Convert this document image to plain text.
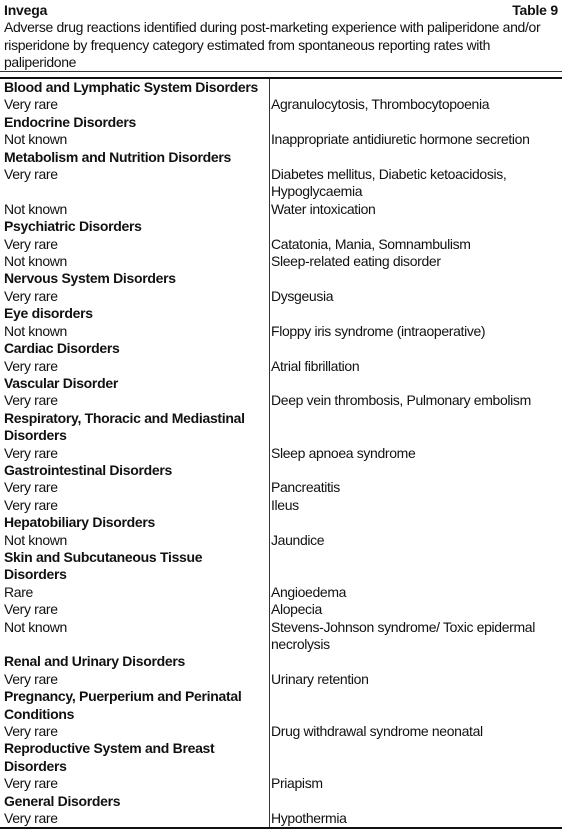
Invega	Table 9
Adverse drug reactions identified during post-marketing experience with paliperidone and/or risperidone by frequency category estimated from spontaneous reporting rates with paliperidone
Blood and Lymphatic System Disorders
Very rare	Agranulocytosis, Thrombocytopoenia
Endocrine Disorders
Not known	Inappropriate antidiuretic hormone secretion
Metabolism and Nutrition Disorders
Very rare	Diabetes mellitus, Diabetic ketoacidosis, Hypoglycaemia
Not known	Water intoxication
Psychiatric Disorders
Very rare	Catatonia, Mania, Somnambulism
Not known	Sleep-related eating disorder
Nervous System Disorders
Very rare	Dysgeusia
Eye disorders
Not known	Floppy iris syndrome (intraoperative)
Cardiac Disorders
Very rare	Atrial fibrillation
Vascular Disorder
Very rare	Deep vein thrombosis, Pulmonary embolism
Respiratory, Thoracic and Mediastinal Disorders
Very rare	Sleep apnoea syndrome
Gastrointestinal Disorders
Very rare	Pancreatitis
Very rare	Ileus
Hepatobiliary Disorders
Not known	Jaundice
Skin and Subcutaneous Tissue Disorders
Rare	Angioedema
Very rare	Alopecia
Not known	Stevens-Johnson syndrome/ Toxic epidermal necrolysis
Renal and Urinary Disorders
Very rare	Urinary retention
Pregnancy, Puerperium and Perinatal Conditions
Very rare	Drug withdrawal syndrome neonatal
Reproductive System and Breast Disorders
Very rare	Priapism
General Disorders
Very rare	Hypothermia
